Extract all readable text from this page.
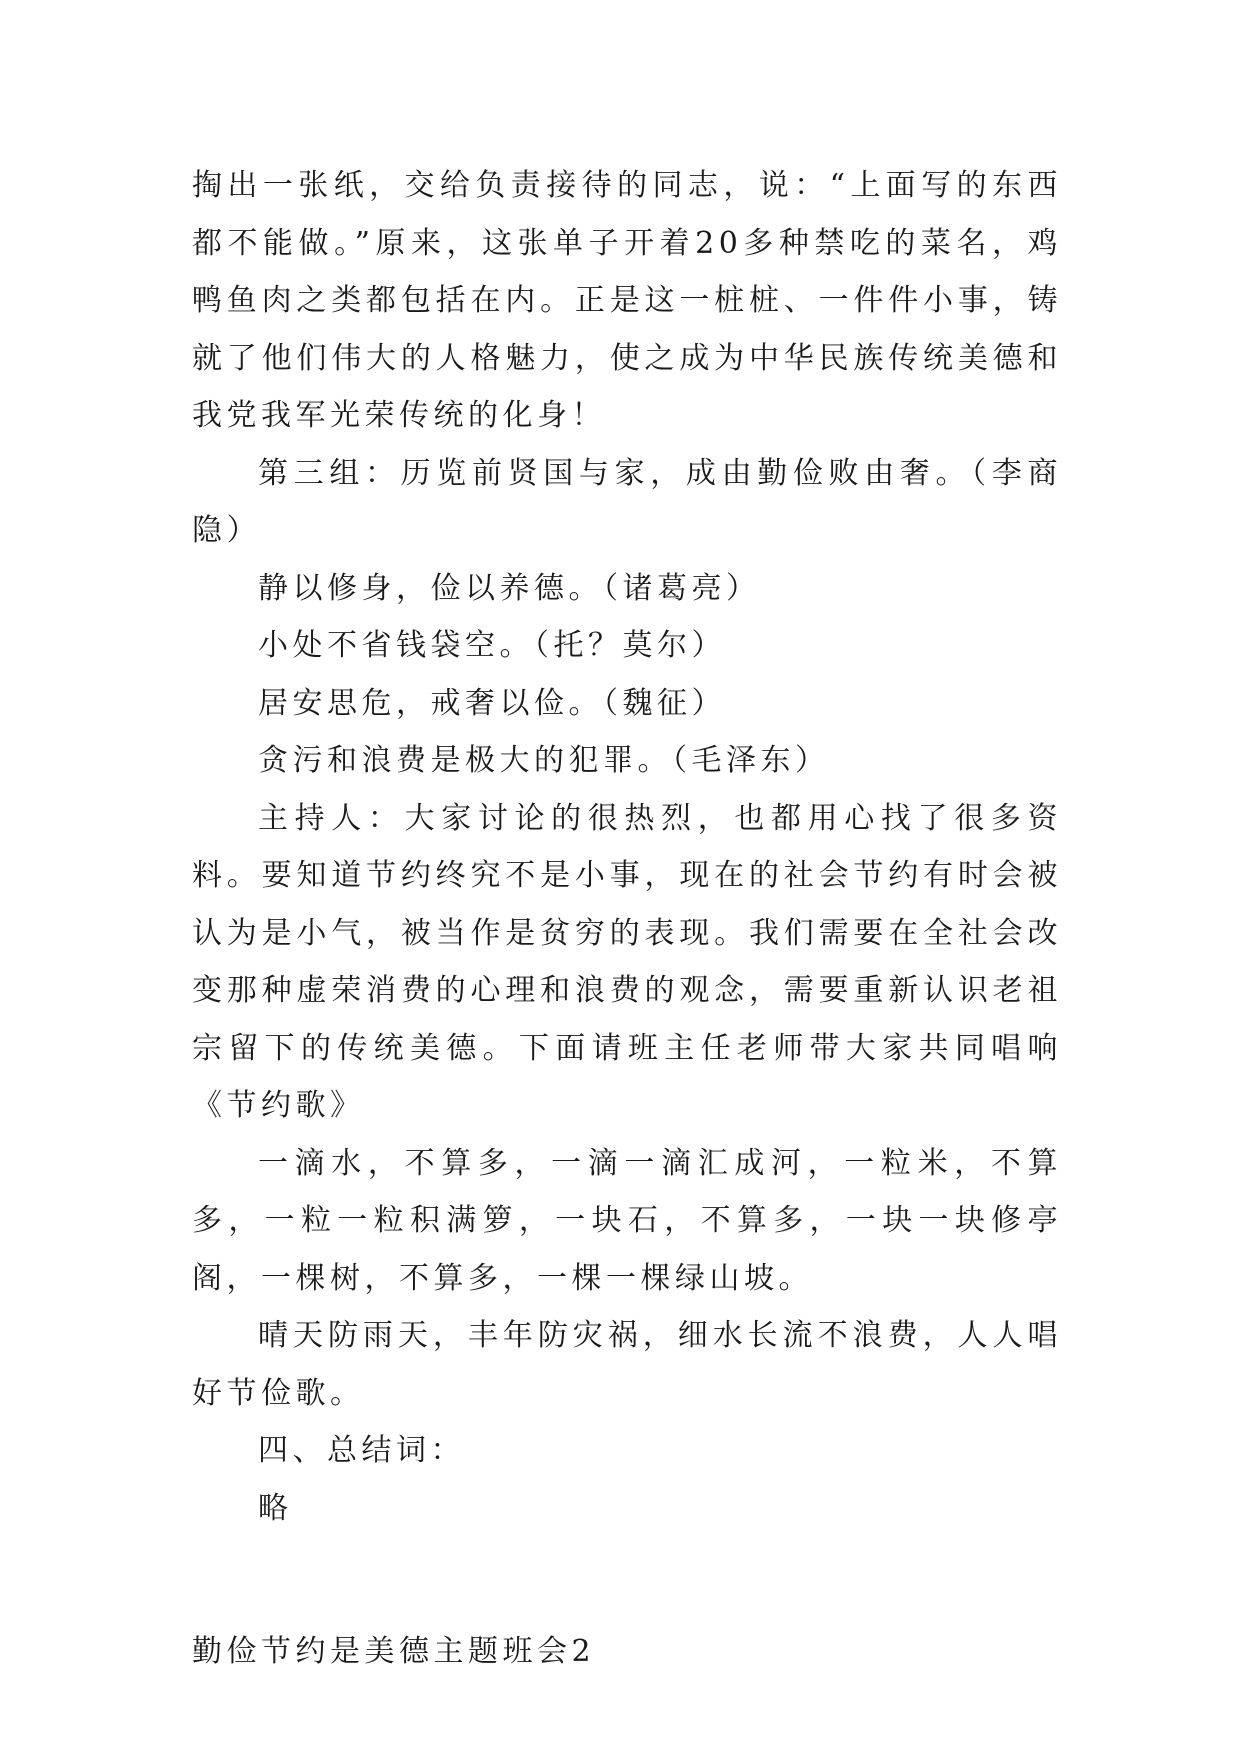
掏出一张纸，交给负责接待的同志，说：“上面写的东西都不能做。”原来，这张单子开着20多种禁吃的菜名，鸡鸭鱼肉之类都包括在内。正是这一桩桩、一件件小事，铸就了他们伟大的人格魅力，使之成为中华民族传统美德和我党我军光荣传统的化身！

第三组：历览前贤国与家，成由勤俭败由奢。（李商隐）

静以修身，俭以养德。（诸葛亮）

小处不省钱袋空。（托？莫尔）

居安思危，戒奢以俭。（魏征）

贪污和浪费是极大的犯罪。（毛泽东）

主持人：大家讨论的很热烈，也都用心找了很多资料。要知道节约终究不是小事，现在的社会节约有时会被认为是小气，被当作是贫穷的表现。我们需要在全社会改变那种虚荣消费的心理和浪费的观念，需要重新认识老祖宗留下的传统美德。下面请班主任老师带大家共同唱响《节约歌》

一滴水，不算多，一滴一滴汇成河，一粒米，不算多，一粒一粒积满箩，一块石，不算多，一块一块修亭阁，一棵树，不算多，一棵一棵绿山坡。

晴天防雨天，丰年防灾祸，细水长流不浪费，人人唱好节俭歌。

四、总结词：

略

勤俭节约是美德主题班会2
